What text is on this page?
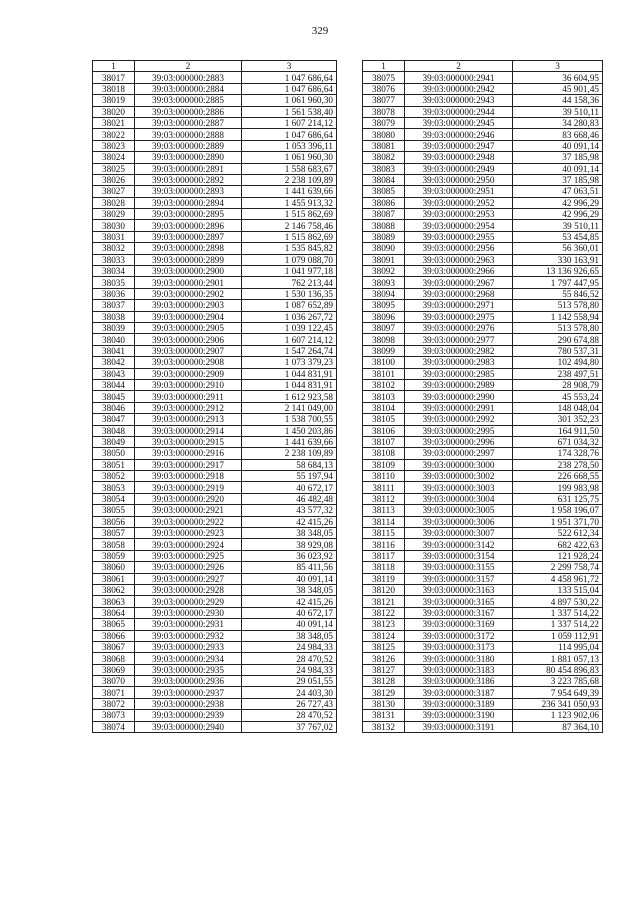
329
1	2	3
38017	39:03:000000:2883	1 047 686,64
38018	39:03:000000:2884	1 047 686,64
38019	39:03:000000:2885	1 061 960,30
38020	39:03:000000:2886	1 561 538,40
38021	39:03:000000:2887	1 607 214,12
38022	39:03:000000:2888	1 047 686,64
38023	39:03:000000:2889	1 053 396,11
38024	39:03:000000:2890	1 061 960,30
38025	39:03:000000:2891	1 558 683,67
38026	39:03:000000:2892	2 238 109,89
38027	39:03:000000:2893	1 441 639,66
38028	39:03:000000:2894	1 455 913,32
38029	39:03:000000:2895	1 515 862,69
38030	39:03:000000:2896	2 146 758,46
38031	39:03:000000:2897	1 515 862,69
38032	39:03:000000:2898	1 535 845,82
38033	39:03:000000:2899	1 079 088,70
38034	39:03:000000:2900	1 041 977,18
38035	39:03:000000:2901	762 213,44
38036	39:03:000000:2902	1 530 136,35
38037	39:03:000000:2903	1 087 652,89
38038	39:03:000000:2904	1 036 267,72
38039	39:03:000000:2905	1 039 122,45
38040	39:03:000000:2906	1 607 214,12
38041	39:03:000000:2907	1 547 264,74
38042	39:03:000000:2908	1 073 379,23
38043	39:03:000000:2909	1 044 831,91
38044	39:03:000000:2910	1 044 831,91
38045	39:03:000000:2911	1 612 923,58
38046	39:03:000000:2912	2 141 049,00
38047	39:03:000000:2913	1 538 700,55
38048	39:03:000000:2914	1 450 203,86
38049	39:03:000000:2915	1 441 639,66
38050	39:03:000000:2916	2 238 109,89
38051	39:03:000000:2917	58 684,13
38052	39:03:000000:2918	55 197,94
38053	39:03:000000:2919	40 672,17
38054	39:03:000000:2920	46 482,48
38055	39:03:000000:2921	43 577,32
38056	39:03:000000:2922	42 415,26
38057	39:03:000000:2923	38 348,05
38058	39:03:000000:2924	38 929,08
38059	39:03:000000:2925	36 023,92
38060	39:03:000000:2926	85 411,56
38061	39:03:000000:2927	40 091,14
38062	39:03:000000:2928	38 348,05
38063	39:03:000000:2929	42 415,26
38064	39:03:000000:2930	40 672,17
38065	39:03:000000:2931	40 091,14
38066	39:03:000000:2932	38 348,05
38067	39:03:000000:2933	24 984,33
38068	39:03:000000:2934	28 470,52
38069	39:03:000000:2935	24 984,33
38070	39:03:000000:2936	29 051,55
38071	39:03:000000:2937	24 403,30
38072	39:03:000000:2938	26 727,43
38073	39:03:000000:2939	28 470,52
38074	39:03:000000:2940	37 767,02
1	2	3
38075	39:03:000000:2941	36 604,95
38076	39:03:000000:2942	45 901,45
38077	39:03:000000:2943	44 158,36
38078	39:03:000000:2944	39 510,11
38079	39:03:000000:2945	34 280,83
38080	39:03:000000:2946	83 668,46
38081	39:03:000000:2947	40 091,14
38082	39:03:000000:2948	37 185,98
38083	39:03:000000:2949	40 091,14
38084	39:03:000000:2950	37 185,98
38085	39:03:000000:2951	47 063,51
38086	39:03:000000:2952	42 996,29
38087	39:03:000000:2953	42 996,29
38088	39:03:000000:2954	39 510,11
38089	39:03:000000:2955	53 454,85
38090	39:03:000000:2956	56 360,01
38091	39:03:000000:2963	330 163,91
38092	39:03:000000:2966	13 136 926,65
38093	39:03:000000:2967	1 797 447,95
38094	39:03:000000:2968	55 846,52
38095	39:03:000000:2971	513 578,80
38096	39:03:000000:2975	1 142 558,94
38097	39:03:000000:2976	513 578,80
38098	39:03:000000:2977	290 674,88
38099	39:03:000000:2982	780 537,31
38100	39:03:000000:2983	102 494,80
38101	39:03:000000:2985	238 497,51
38102	39:03:000000:2989	28 908,79
38103	39:03:000000:2990	45 553,24
38104	39:03:000000:2991	148 048,04
38105	39:03:000000:2992	301 352,23
38106	39:03:000000:2995	164 911,50
38107	39:03:000000:2996	671 034,32
38108	39:03:000000:2997	174 328,76
38109	39:03:000000:3000	238 278,50
38110	39:03:000000:3002	226 668,55
38111	39:03:000000:3003	199 983,98
38112	39:03:000000:3004	631 125,75
38113	39:03:000000:3005	1 958 196,07
38114	39:03:000000:3006	1 951 371,70
38115	39:03:000000:3007	522 612,34
38116	39:03:000000:3142	682 422,63
38117	39:03:000000:3154	121 928,24
38118	39:03:000000:3155	2 299 758,74
38119	39:03:000000:3157	4 458 961,72
38120	39:03:000000:3163	133 515,04
38121	39:03:000000:3165	4 897 530,22
38122	39:03:000000:3167	1 337 514,22
38123	39:03:000000:3169	1 337 514,22
38124	39:03:000000:3172	1 059 112,91
38125	39:03:000000:3173	114 995,04
38126	39:03:000000:3180	1 881 057,13
38127	39:03:000000:3183	80 454 896,83
38128	39:03:000000:3186	3 223 785,68
38129	39:03:000000:3187	7 954 649,39
38130	39:03:000000:3189	236 341 050,93
38131	39:03:000000:3190	1 123 902,06
38132	39:03:000000:3191	87 364,10
